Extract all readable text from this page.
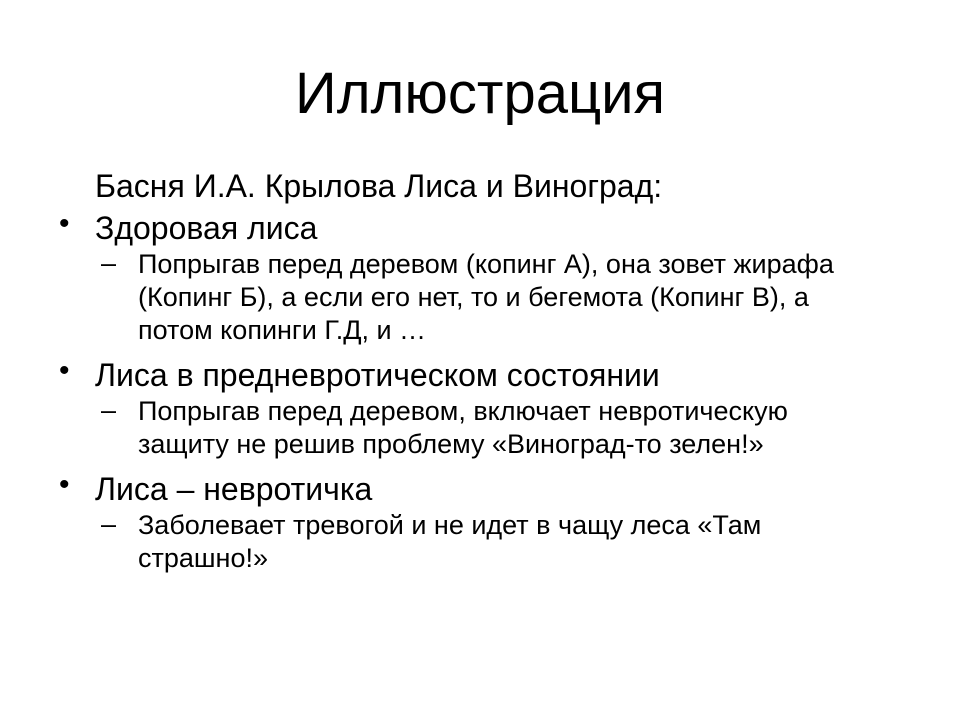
Иллюстрация

Басня И.А. Крылова Лиса и Виноград:

• Здоровая лиса
– Попрыгав перед деревом (копинг А), она зовет жирафа (Копинг Б), а если его нет, то и бегемота (Копинг В), а потом копинги Г.Д, и …
• Лиса в предневротическом состоянии
– Попрыгав перед деревом, включает невротическую защиту не решив проблему «Виноград-то зелен!»
• Лиса – невротичка
– Заболевает тревогой и не идет в чащу леса «Там страшно!»
